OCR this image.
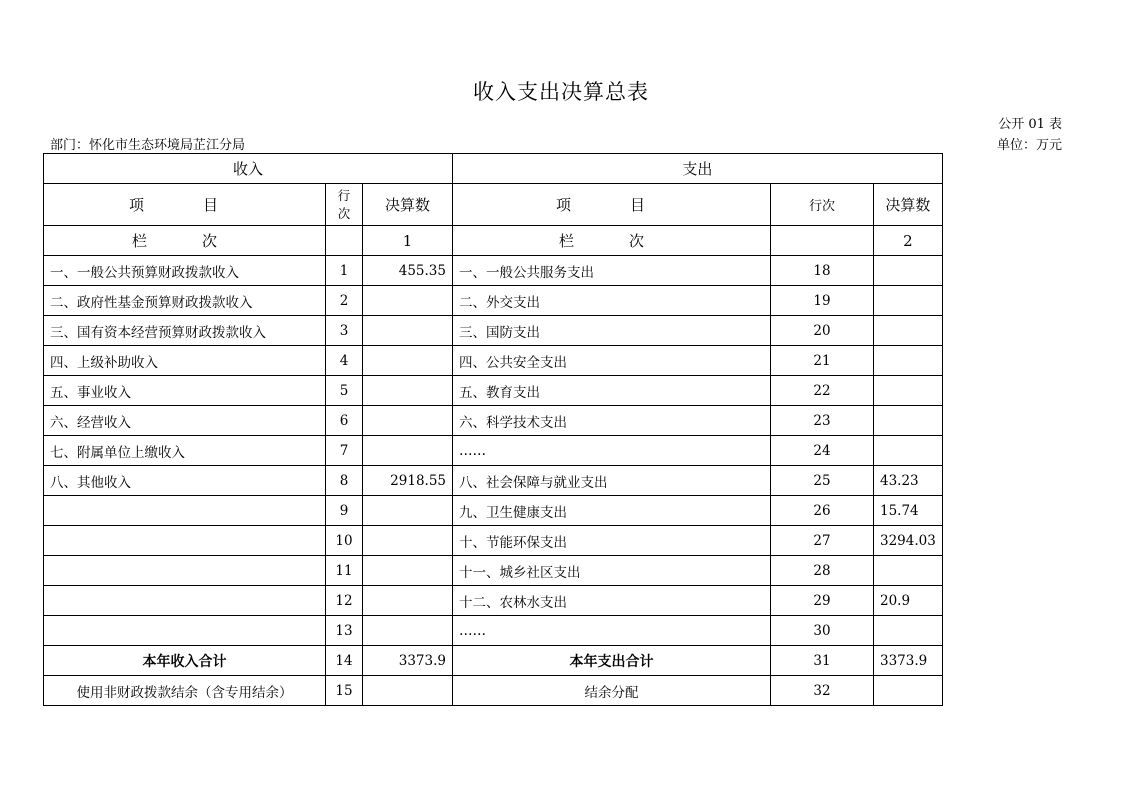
收入支出决算总表
公开 01 表
部门：怀化市生态环境局芷江分局	单位：万元
收入			支出		
项　目	行次	决算数	项　目	行次	决算数
栏　次		1	栏　次		2
一、一般公共预算财政拨款收入	1	455.35	一、一般公共服务支出	18	
二、政府性基金预算财政拨款收入	2		二、外交支出	19	
三、国有资本经营预算财政拨款收入	3		三、国防支出	20	
四、上级补助收入	4		四、公共安全支出	21	
五、事业收入	5		五、教育支出	22	
六、经营收入	6		六、科学技术支出	23	
七、附属单位上缴收入	7		……	24	
八、其他收入	8	2918.55	八、社会保障与就业支出	25	43.23
	9		九、卫生健康支出	26	15.74
	10		十、节能环保支出	27	3294.03
	11		十一、城乡社区支出	28	
	12		十二、农林水支出	29	20.9
	13		……	30	
本年收入合计	14	3373.9	本年支出合计	31	3373.9
使用非财政拨款结余（含专用结余）	15		结余分配	32	
